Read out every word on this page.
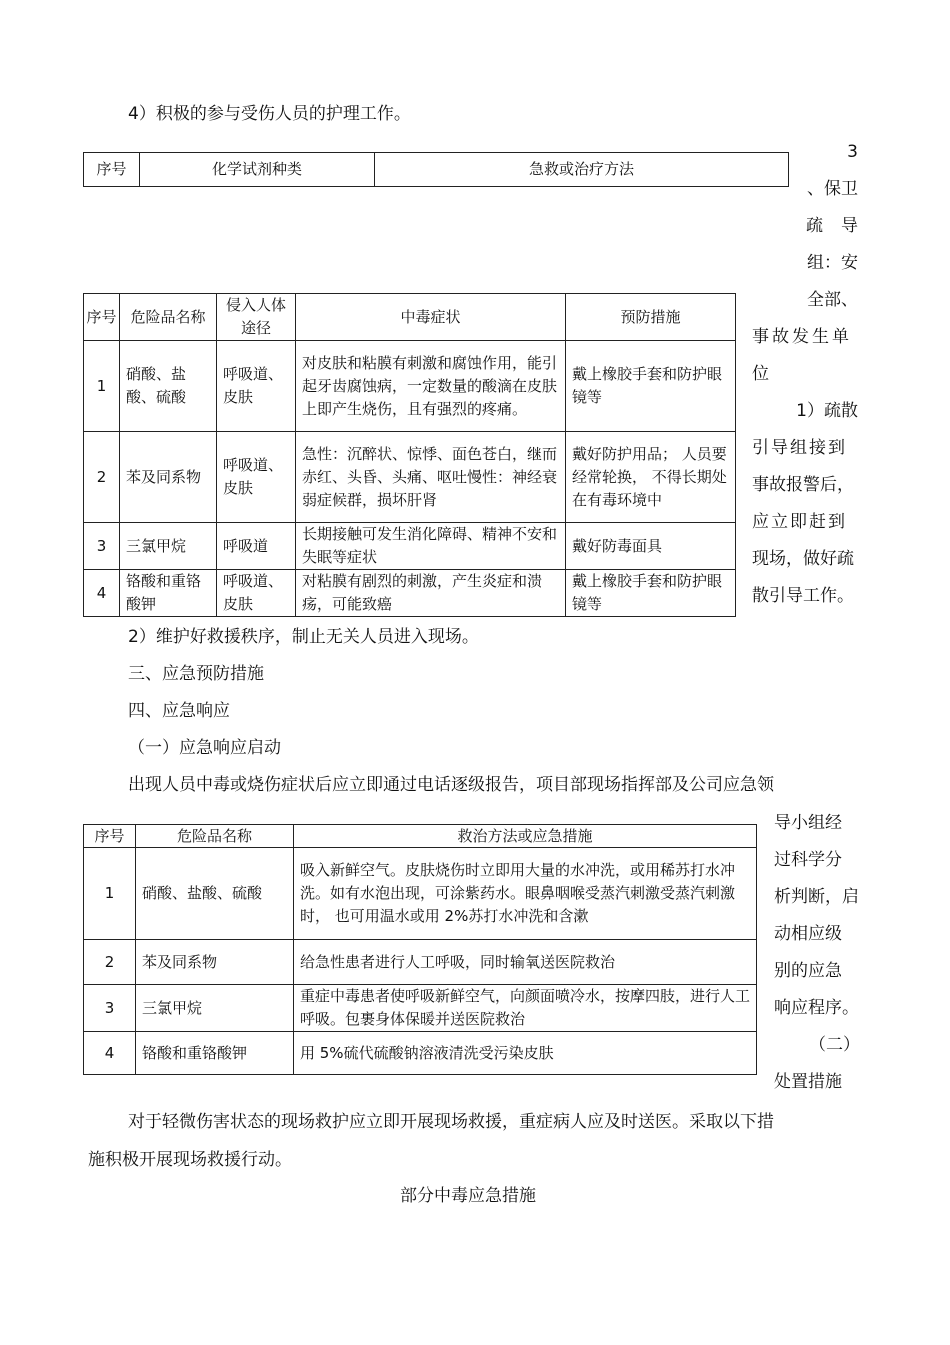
4）积极的参与受伤人员的护理工作。
序号	化学试剂种类	急救或治疗方法
3
、保卫
疏 导
组：安
全部、
事故发生单
位
1）疏散
引导组接到
事故报警后，
应立即赶到
现场，做好疏
散引导工作。
序号	危险品名称	侵入人体途径	中毒症状	预防措施
1	硝酸、盐酸、硫酸	呼吸道、皮肤	对皮肤和粘膜有刺激和腐蚀作用，能引起牙齿腐蚀病，一定数量的酸滴在皮肤上即产生烧伤，且有强烈的疼痛。	戴上橡胶手套和防护眼镜等
2	苯及同系物	呼吸道、皮肤	急性：沉醉状、惊悸、面色苍白，继而赤红、头昏、头痛、呕吐慢性：神经衰弱症候群，损坏肝肾	戴好防护用品； 人员要经常轮换， 不得长期处在有毒环境中
3	三氯甲烷	呼吸道	长期接触可发生消化障碍、精神不安和失眠等症状	戴好防毒面具
4	铬酸和重铬酸钾	呼吸道、皮肤	对粘膜有剧烈的刺激，产生炎症和溃疡，可能致癌	戴上橡胶手套和防护眼镜等
2）维护好救援秩序，制止无关人员进入现场。
三、应急预防措施
四、应急响应
（一）应急响应启动
出现人员中毒或烧伤症状后应立即通过电话逐级报告，项目部现场指挥部及公司应急领
导小组经
过科学分
析判断，启
动相应级
别的应急
响应程序。
（二）
处置措施
序号	危险品名称	救治方法或应急措施
1	硝酸、盐酸、硫酸	吸入新鲜空气。皮肤烧伤时立即用大量的水冲洗，或用稀苏打水冲洗。如有水泡出现，可涂紫药水。眼鼻咽喉受蒸汽刺激受蒸汽刺激时， 也可用温水或用 2%苏打水冲洗和含漱
2	苯及同系物	给急性患者进行人工呼吸，同时输氧送医院救治
3	三氯甲烷	重症中毒患者使呼吸新鲜空气，向颜面喷冷水，按摩四肢，进行人工呼吸。包裹身体保暖并送医院救治
4	铬酸和重铬酸钾	用 5%硫代硫酸钠溶液清洗受污染皮肤
对于轻微伤害状态的现场救护应立即开展现场救援，重症病人应及时送医。采取以下措
施积极开展现场救援行动。
部分中毒应急措施
